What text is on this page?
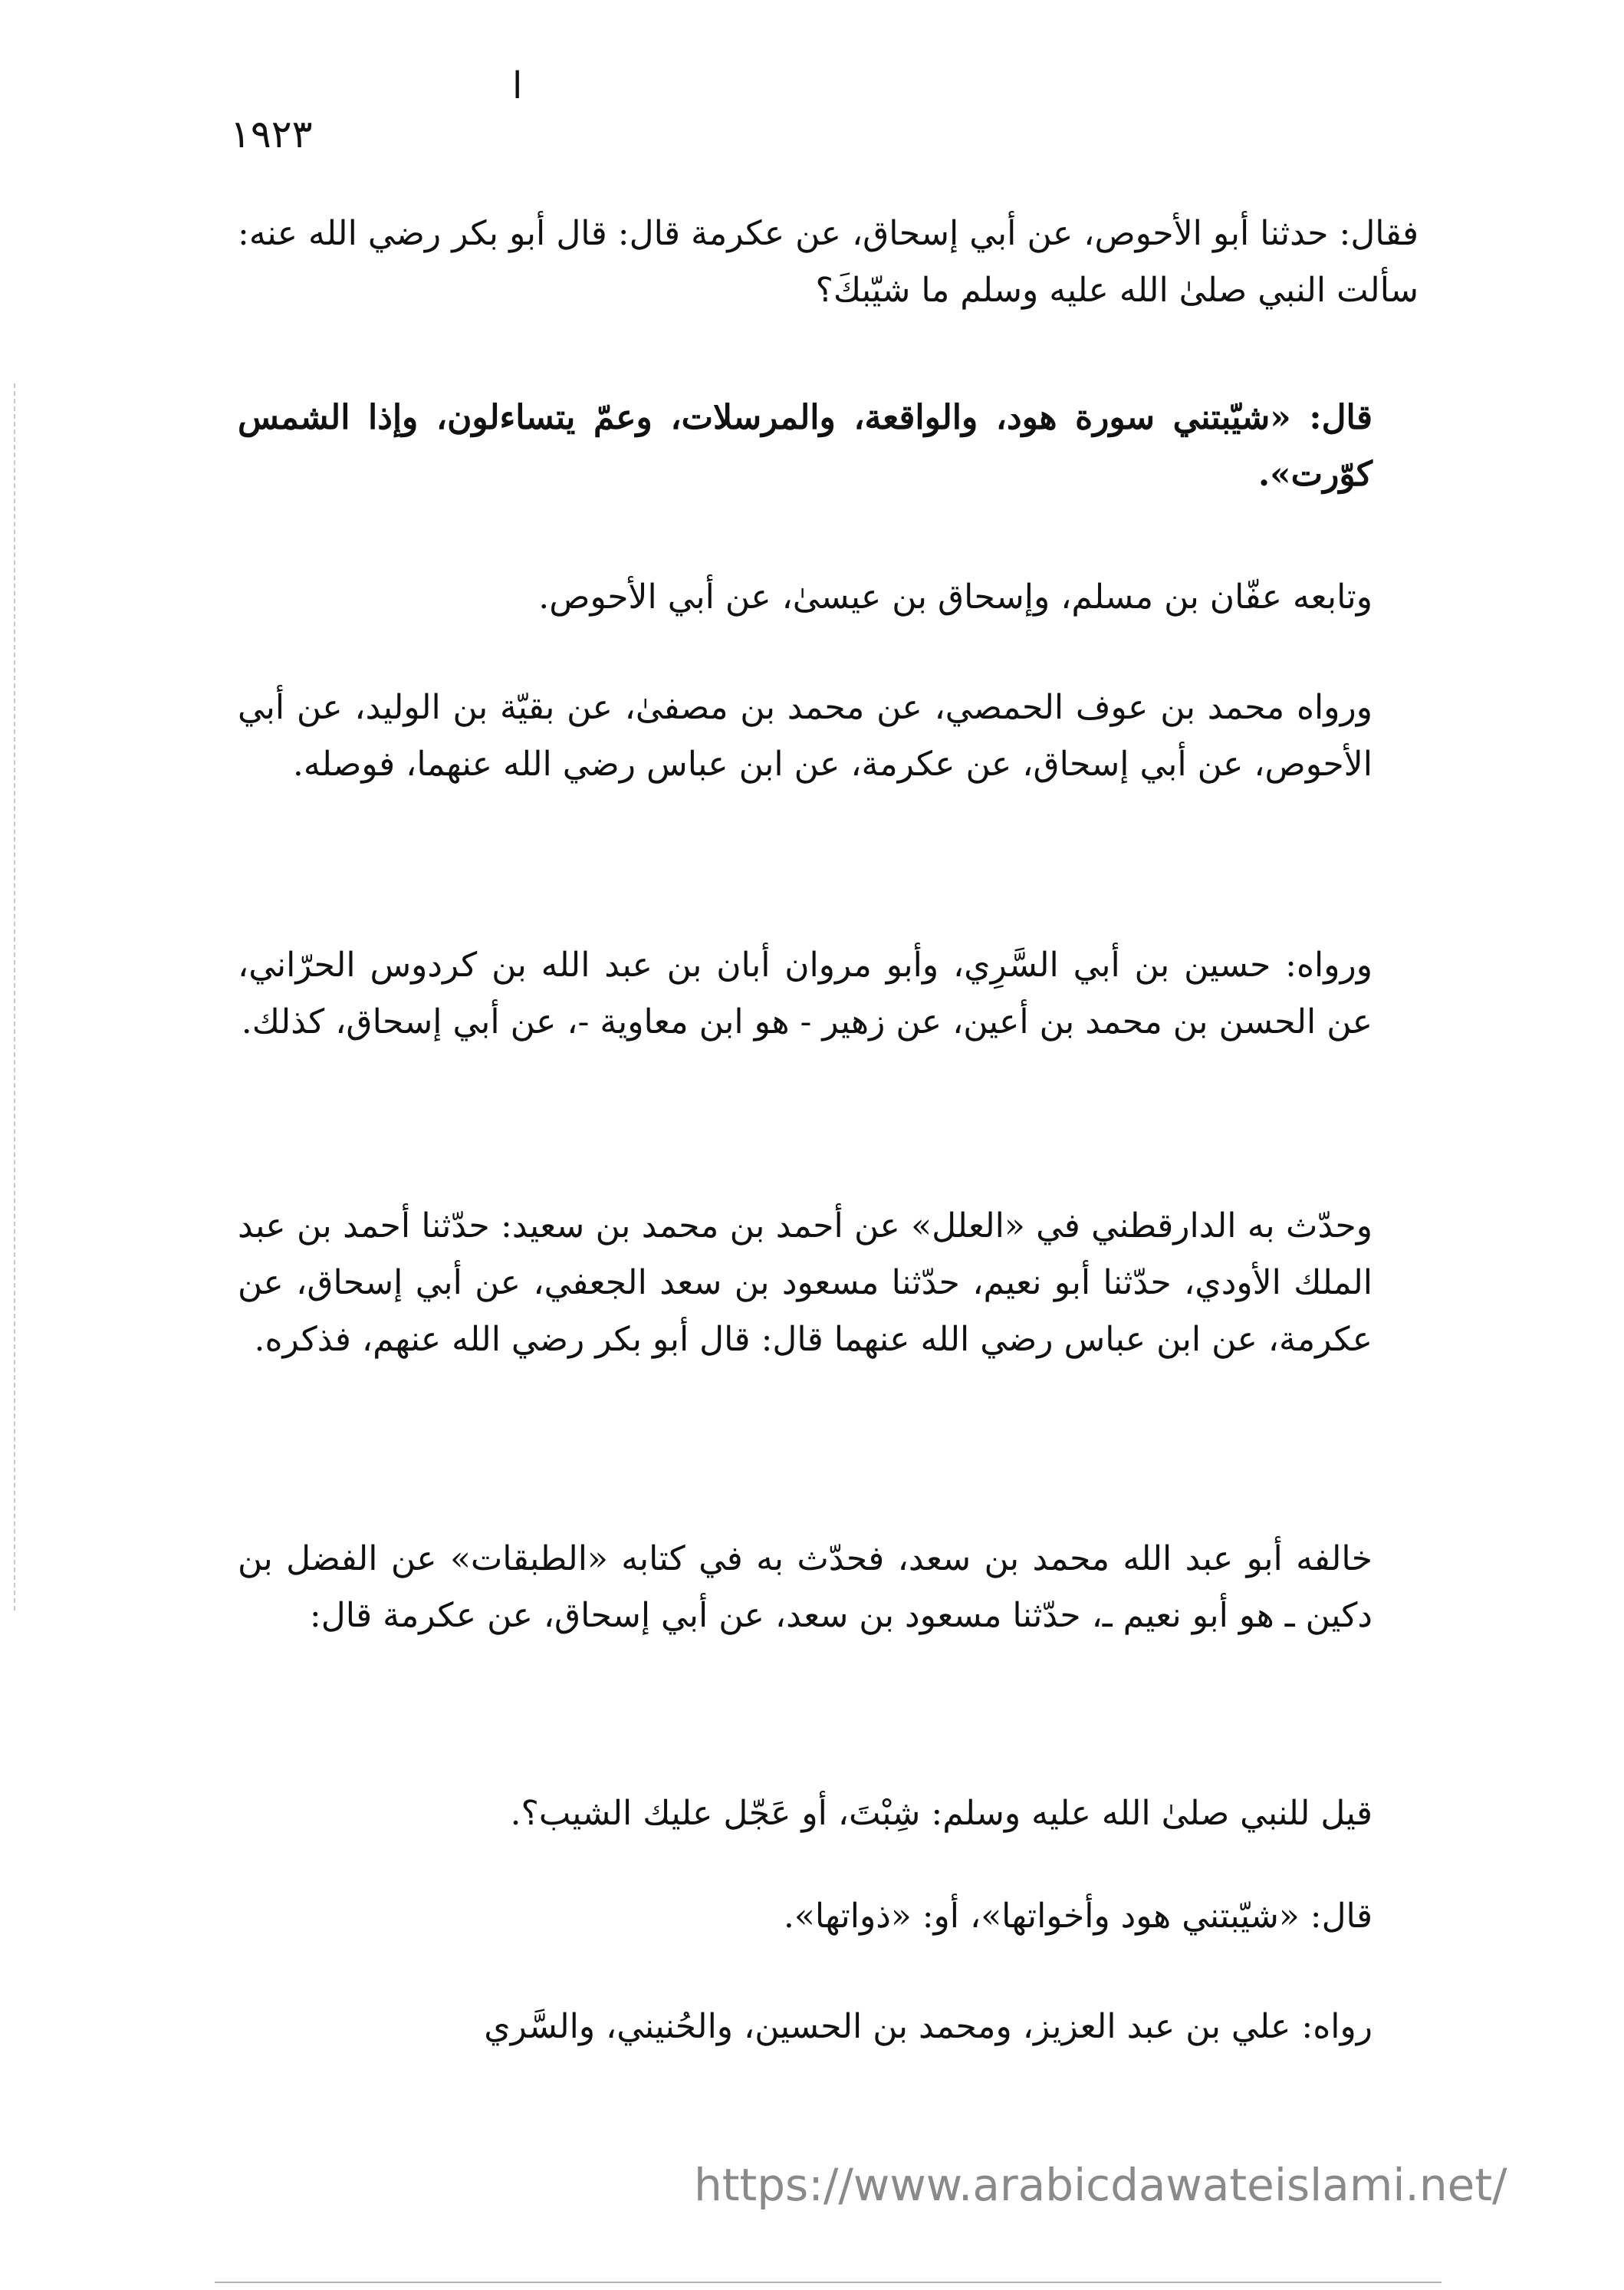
ا
١٩٢٣

فقال: حدثنا أبو الأحوص، عن أبي إسحاق، عن عكرمة قال: قال أبو بكر رضي الله عنه: سألت النبي صلىٰ الله عليه وسلم ما شيّبكَ؟

قال: «شيّبتني سورة هود، والواقعة، والمرسلات، وعمّ يتساءلون، وإذا الشمس كوّرت».

وتابعه عفّان بن مسلم، وإسحاق بن عيسىٰ، عن أبي الأحوص.

ورواه محمد بن عوف الحمصي، عن محمد بن مصفىٰ، عن بقيّة بن الوليد، عن أبي الأحوص، عن أبي إسحاق، عن عكرمة، عن ابن عباس رضي الله عنهما، فوصله.

ورواه: حسين بن أبي السَّرِي، وأبو مروان أبان بن عبد الله بن كردوس الحرّاني، عن الحسن بن محمد بن أعين، عن زهير - هو ابن معاوية -، عن أبي إسحاق، كذلك.

وحدّث به الدارقطني في «العلل» عن أحمد بن محمد بن سعيد: حدّثنا أحمد بن عبد الملك الأودي، حدّثنا أبو نعيم، حدّثنا مسعود بن سعد الجعفي، عن أبي إسحاق، عن عكرمة، عن ابن عباس رضي الله عنهما قال: قال أبو بكر رضي الله عنهم، فذكره.

خالفه أبو عبد الله محمد بن سعد، فحدّث به في كتابه «الطبقات» عن الفضل بن دكين ـ هو أبو نعيم ـ، حدّثنا مسعود بن سعد، عن أبي إسحاق، عن عكرمة قال:

قيل للنبي صلىٰ الله عليه وسلم: شِبْتَ، أو عَجّل عليك الشيب؟.

قال: «شيّبتني هود وأخواتها»، أو: «ذواتها».

رواه: علي بن عبد العزيز، ومحمد بن الحسين، والحُنيني، والسَّري

https://www.arabicdawateislami.net/
